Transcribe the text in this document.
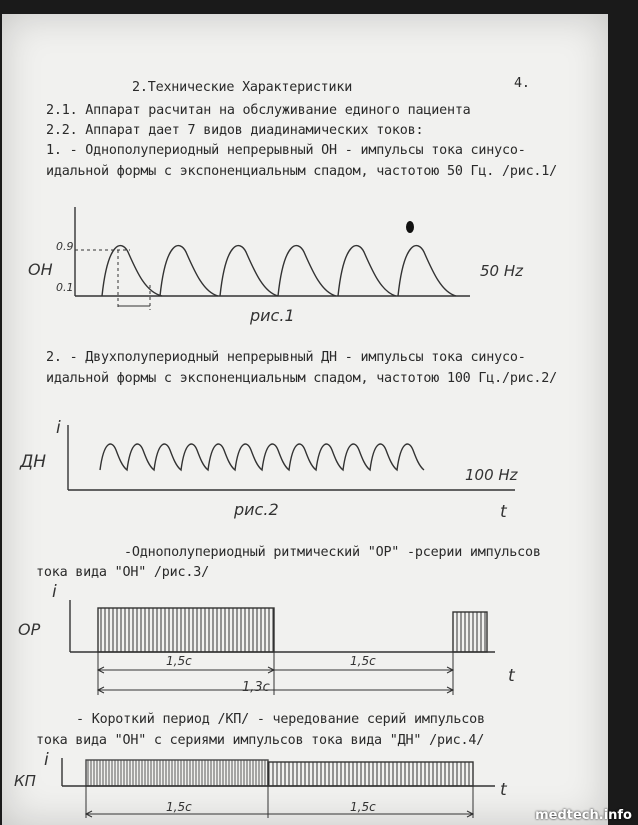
2.Технические Характеристики	4.
2.1. Аппарат расчитан на обслуживание единого пациента
2.2. Аппарат дает 7 видов диадинамических токов:
1. - Однополупериодный непрерывный ОН - импульсы тока синусо-
идальной формы с экспоненциальным спадом, частотою 50 Гц. /рис.1/
0.9
0.1
ОН	50 Hz
рис.1
2. - Двухполупериодный непрерывный ДН - импульсы тока синусо-
идальной формы с экспоненциальным спадом, частотою 100 Гц./рис.2/
i
ДН
100 Hz
рис.2	t
-Однополупериодный ритмический "ОР" -рсерии импульсов
тока вида "ОН" /рис.3/
i
ОР
1,5с	1,5с
1,3с
t
- Короткий период /КП/ - чередование серий импульсов
тока вида "ОН" с сериями импульсов тока вида "ДН" /рис.4/
i
КП
1,5с	1,5с
t
medtech.info
